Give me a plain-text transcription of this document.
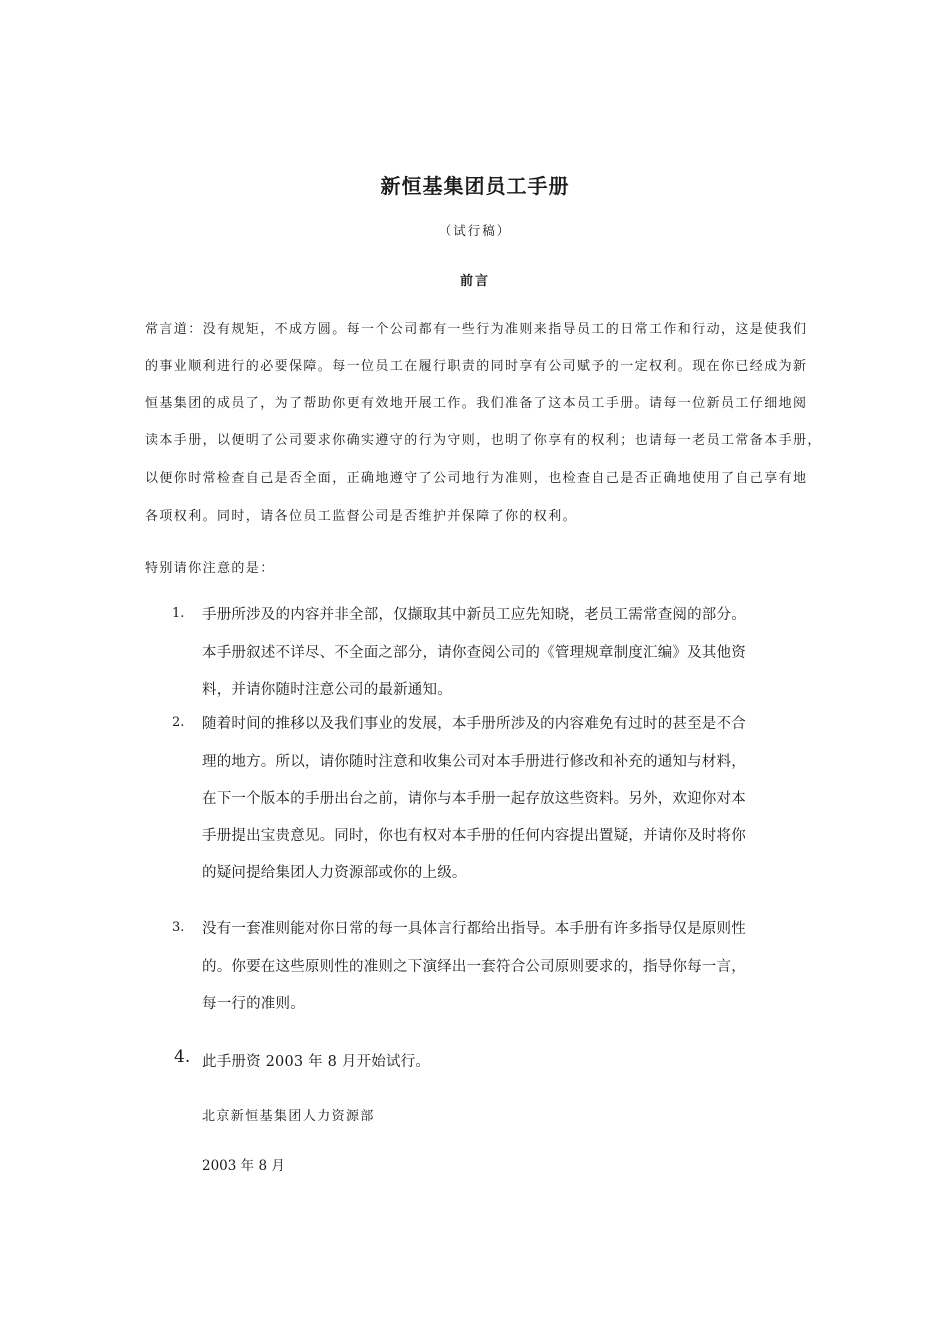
新恒基集团员工手册
（试行稿）
前言
常言道：没有规矩，不成方圆。每一个公司都有一些行为准则来指导员工的日常工作和行动，这是使我们
的事业顺利进行的必要保障。每一位员工在履行职责的同时享有公司赋予的一定权利。现在你已经成为新
恒基集团的成员了，为了帮助你更有效地开展工作。我们准备了这本员工手册。请每一位新员工仔细地阅
读本手册，以便明了公司要求你确实遵守的行为守则，也明了你享有的权利；也请每一老员工常备本手册，
以便你时常检查自己是否全面，正确地遵守了公司地行为准则，也检查自己是否正确地使用了自己享有地
各项权利。同时，请各位员工监督公司是否维护并保障了你的权利。
特别请你注意的是：
1. 手册所涉及的内容并非全部，仅撷取其中新员工应先知晓，老员工需常查阅的部分。
本手册叙述不详尽、不全面之部分，请你查阅公司的《管理规章制度汇编》及其他资
料，并请你随时注意公司的最新通知。
2. 随着时间的推移以及我们事业的发展，本手册所涉及的内容难免有过时的甚至是不合
理的地方。所以，请你随时注意和收集公司对本手册进行修改和补充的通知与材料，
在下一个版本的手册出台之前，请你与本手册一起存放这些资料。另外，欢迎你对本
手册提出宝贵意见。同时，你也有权对本手册的任何内容提出置疑，并请你及时将你
的疑问提给集团人力资源部或你的上级。
3. 没有一套准则能对你日常的每一具体言行都给出指导。本手册有许多指导仅是原则性
的。你要在这些原则性的准则之下演绎出一套符合公司原则要求的，指导你每一言，
每一行的准则。
4. 此手册资 2003 年 8 月开始试行。
北京新恒基集团人力资源部
2003 年 8 月
